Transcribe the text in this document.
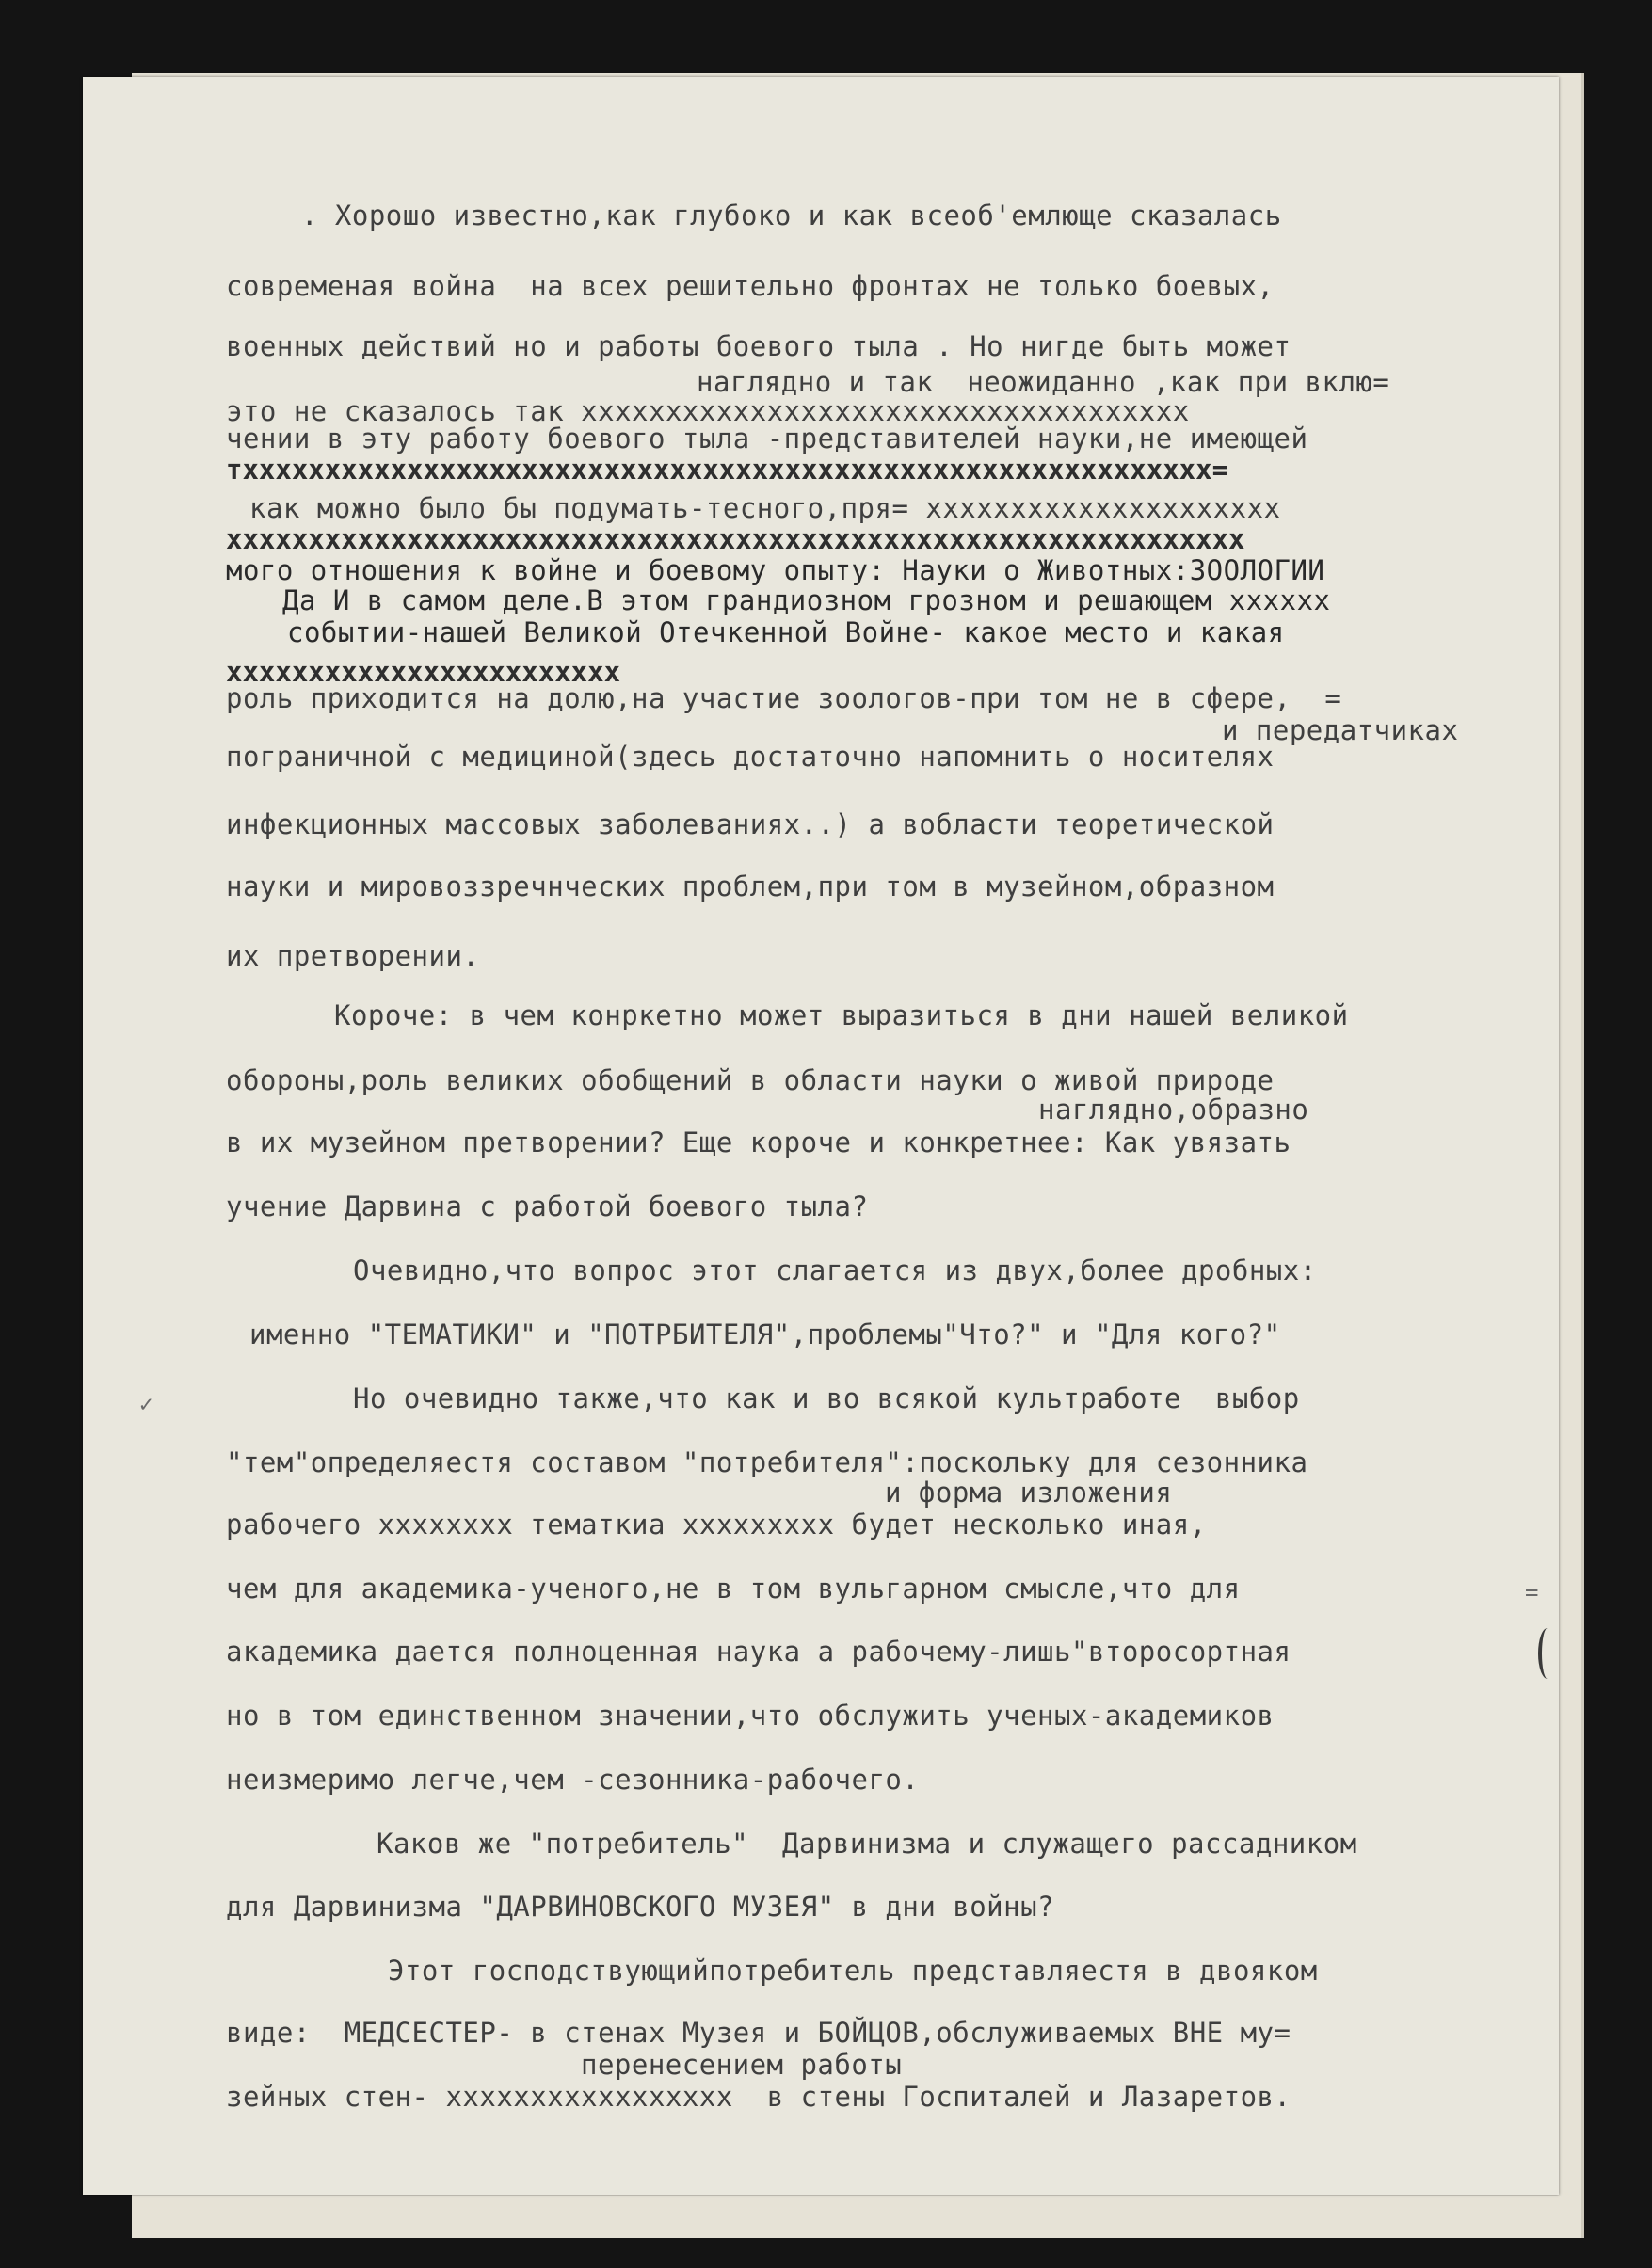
. Хорошо известно,как глубоко и как всеоб'емлюще сказалась
современая война  на всех решительно фронтах не только боевых,
военных действий но и работы боевого тыла . Но нигде быть может
наглядно и так  неожиданно ,как при вклю=
это не сказалось так xxxxxxxxxxxxxxxxxxxxxxxxxxxxxxxxxxxx
чении в эту работу боевого тыла -представителей науки,не имеющей
тxxxxxxxxxxxxxxxxxxxxxxxxxxxxxxxxxxxxxxxxxxxxxxxxxxxxxxxxxxx=
как можно было бы подумать-тесного,пря= xxxxxxxxxxxxxxxxxxxxx
xxxxxxxxxxxxxxxxxxxxxxxxxxxxxxxxxxxxxxxxxxxxxxxxxxxxxxxxxxxxxx
мого отношения к войне и боевому опыту: Науки о Животных:ЗООЛОГИИ
Да И в самом деле.В этом грандиозном грозном и решающем хххххх
событии-нашей Великой Отечкенной Войне- какое место и какая
хххххххххххххххххххххххх
роль приходится на долю,на участие зоологов-при том не в сфере,  =
и передатчиках
пограничной с медициной(здесь достаточно напомнить о носителях
инфекционных массовых заболеваниях..) а вобласти теоретической
науки и мировоззречнческих проблем,при том в музейном,образном
их претворении.
Короче: в чем конркетно может выразиться в дни нашей великой
обороны,роль великих обобщений в области науки о живой природе
наглядно,образно
в их музейном претворении? Еще короче и конкретнее: Как увязать
учение Дарвина с работой боевого тыла?
Очевидно,что вопрос этот слагается из двух,более дробных:
именно "ТЕМАТИКИ" и "ПОТРБИТЕЛЯ",проблемы"Что?" и "Для кого?"
Но очевидно также,что как и во всякой культработе  выбор
"тем"определяестя составом "потребителя":поскольку для сезонника
и форма изложения
рабочего хххххххх тематкиа xxxxxxxxx будет несколько иная,
чем для академика-ученого,не в том вульгарном смысле,что для
академика дается полноценная наука а рабочему-лишь"второсортная
но в том единственном значении,что обслужить ученых-академиков
неизмеримо легче,чем -сезонника-рабочего.
Каков же "потребитель"  Дарвинизма и служащего рассадником
для Дарвинизма "ДАРВИНОВСКОГО МУЗЕЯ" в дни войны?
Этот господствующийпотребитель представляестя в двояком
виде:  МЕДСЕСТЕР- в стенах Музея и БОЙЦОВ,обслуживаемых ВНЕ му=
перенесением работы
зейных стен- xxxxxxxxxxxxxxxxx  в стены Госпиталей и Лазаретов.
✓
=
